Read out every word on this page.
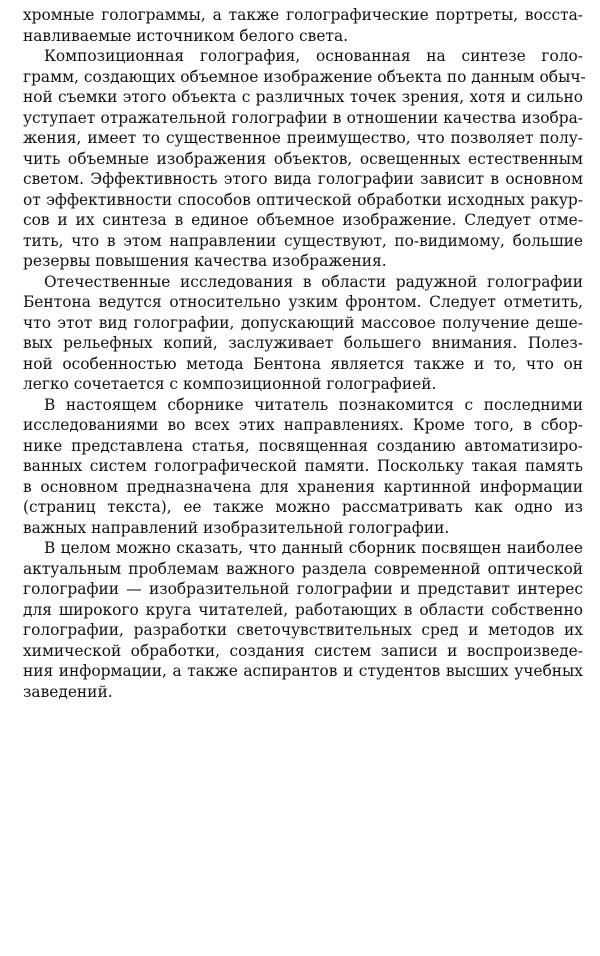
хромные голограммы, а также голографические портреты, восста-
навливаемые источником белого света.
Композиционная голография, основанная на синтезе голо-
грамм, создающих объемное изображение объекта по данным обыч-
ной съемки этого объекта с различных точек зрения, хотя и сильно
уступает отражательной голографии в отношении качества изобра-
жения, имеет то существенное преимущество, что позволяет полу-
чить объемные изображения объектов, освещенных естественным
светом. Эффективность этого вида голографии зависит в основном
от эффективности способов оптической обработки исходных ракур-
сов и их синтеза в единое объемное изображение. Следует отме-
тить, что в этом направлении существуют, по-видимому, большие
резервы повышения качества изображения.
Отечественные исследования в области радужной голографии
Бентона ведутся относительно узким фронтом. Следует отметить,
что этот вид голографии, допускающий массовое получение деше-
вых рельефных копий, заслуживает большего внимания. Полез-
ной особенностью метода Бентона является также и то, что он
легко сочетается с композиционной голографией.
В настоящем сборнике читатель познакомится с последними
исследованиями во всех этих направлениях. Кроме того, в сбор-
нике представлена статья, посвященная созданию автоматизиро-
ванных систем голографической памяти. Поскольку такая память
в основном предназначена для хранения картинной информации
(страниц текста), ее также можно рассматривать как одно из
важных направлений изобразительной голографии.
В целом можно сказать, что данный сборник посвящен наиболее
актуальным проблемам важного раздела современной оптической
голографии — изобразительной голографии и представит интерес
для широкого круга читателей, работающих в области собственно
голографии, разработки светочувствительных сред и методов их
химической обработки, создания систем записи и воспроизведе-
ния информации, а также аспирантов и студентов высших учебных
заведений.
